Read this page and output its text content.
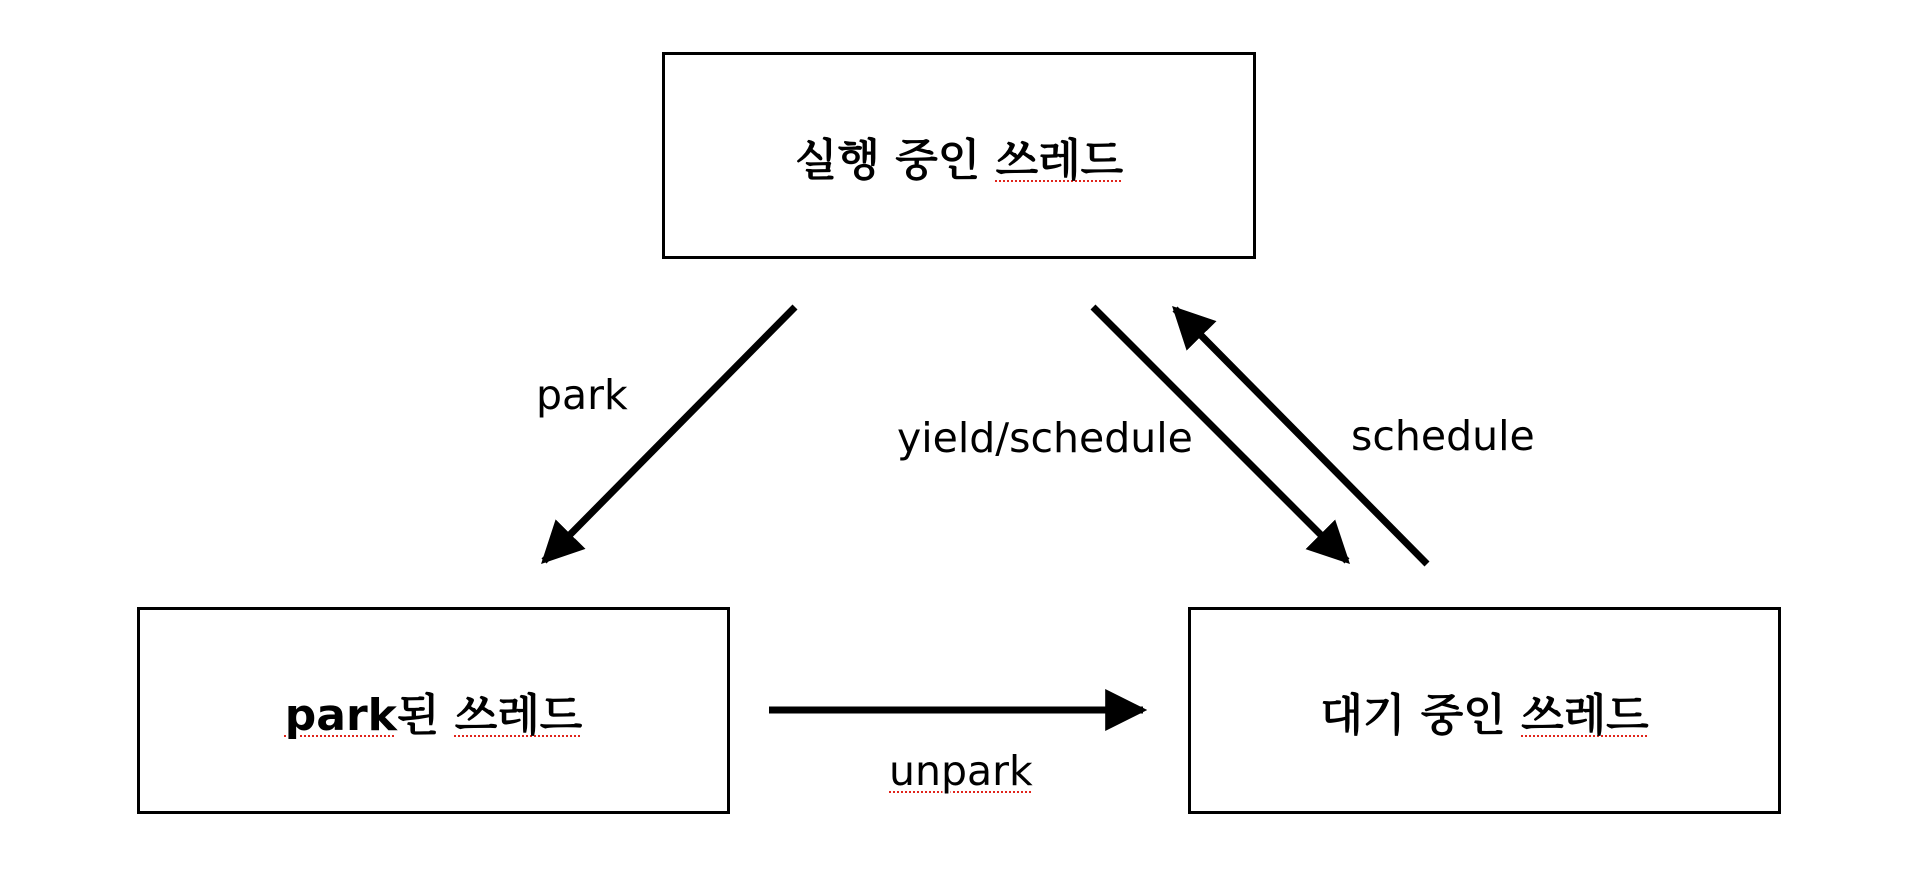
실행 중인 쓰레드
park된 쓰레드	대기 중인 쓰레드
park
yield/schedule	schedule
unpark
